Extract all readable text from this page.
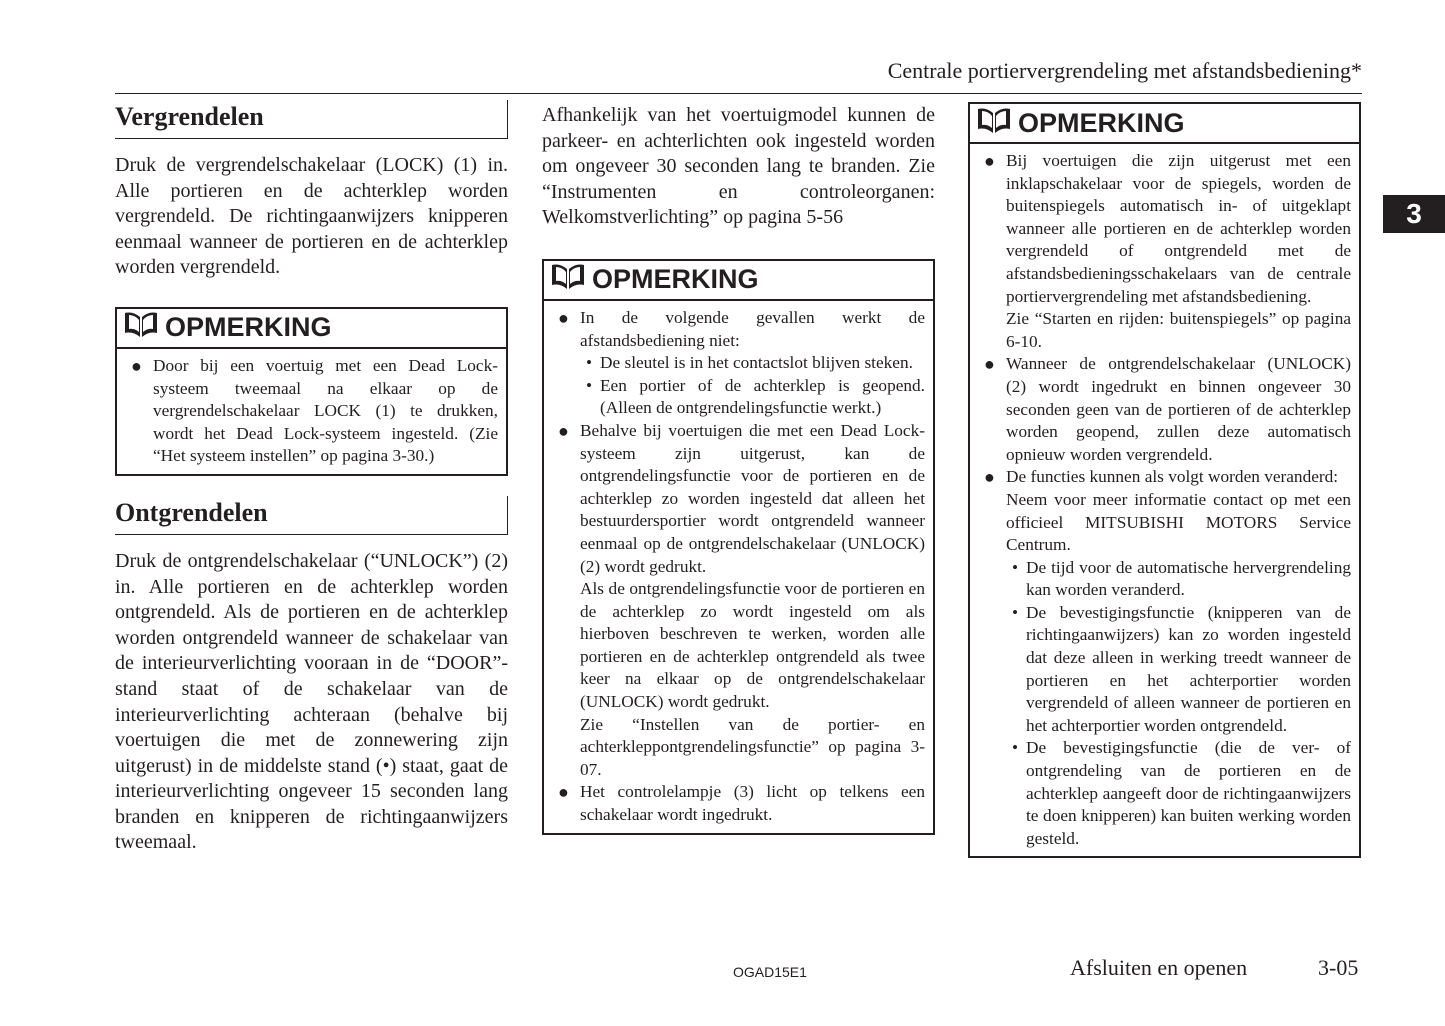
Centrale portiervergrendeling met afstandsbediening*
3
Vergrendelen

Druk de vergrendelschakelaar (LOCK) (1) in. Alle portieren en de achterklep worden vergrendeld. De richtingaanwijzers knipperen eenmaal wanneer de portieren en de achterklep worden vergrendeld.

OPMERKING
● Door bij een voertuig met een Dead Lock-systeem tweemaal na elkaar op de vergrendelschakelaar LOCK (1) te drukken, wordt het Dead Lock-systeem ingesteld. (Zie “Het systeem instellen” op pagina 3-30.)
Ontgrendelen

Druk de ontgrendelschakelaar (“UNLOCK”) (2) in. Alle portieren en de achterklep worden ontgrendeld. Als de portieren en de achterklep worden ontgrendeld wanneer de schakelaar van de interieurverlichting vooraan in de “DOOR”-stand staat of de schakelaar van de interieurverlichting achteraan (behalve bij voertuigen die met de zonnewering zijn uitgerust) in de middelste stand (•) staat, gaat de interieurverlichting ongeveer 15 seconden lang branden en knipperen de richtingaanwijzers tweemaal.

Afhankelijk van het voertuigmodel kunnen de parkeer- en achterlichten ook ingesteld worden om ongeveer 30 seconden lang te branden. Zie “Instrumenten en controleorganen: Welkomstverlichting” op pagina 5-56

OPMERKING
● In de volgende gevallen werkt de afstandsbediening niet:
• De sleutel is in het contactslot blijven steken.
• Een portier of de achterklep is geopend. (Alleen de ontgrendelingsfunctie werkt.)
● Behalve bij voertuigen die met een Dead Lock-systeem zijn uitgerust, kan de ontgrendelingsfunctie voor de portieren en de achterklep zo worden ingesteld dat alleen het bestuurdersportier wordt ontgrendeld wanneer eenmaal op de ontgrendelschakelaar (UNLOCK) (2) wordt gedrukt.
Als de ontgrendelingsfunctie voor de portieren en de achterklep zo wordt ingesteld om als hierboven beschreven te werken, worden alle portieren en de achterklep ontgrendeld als twee keer na elkaar op de ontgrendelschakelaar (UNLOCK) wordt gedrukt.
Zie “Instellen van de portier- en achterkleppontgrendelingsfunctie” op pagina 3-07.
● Het controlelampje (3) licht op telkens een schakelaar wordt ingedrukt.
OPMERKING
● Bij voertuigen die zijn uitgerust met een inklapschakelaar voor de spiegels, worden de buitenspiegels automatisch in- of uitgeklapt wanneer alle portieren en de achterklep worden vergrendeld of ontgrendeld met de afstandsbedieningsschakelaars van de centrale portiervergrendeling met afstandsbediening.
Zie “Starten en rijden: buitenspiegels” op pagina 6-10.
● Wanneer de ontgrendelschakelaar (UNLOCK) (2) wordt ingedrukt en binnen ongeveer 30 seconden geen van de portieren of de achterklep worden geopend, zullen deze automatisch opnieuw worden vergrendeld.
● De functies kunnen als volgt worden veranderd:
Neem voor meer informatie contact op met een officieel MITSUBISHI MOTORS Service Centrum.
• De tijd voor de automatische hervergrendeling kan worden veranderd.
• De bevestigingsfunctie (knipperen van de richtingaanwijzers) kan zo worden ingesteld dat deze alleen in werking treedt wanneer de portieren en het achterportier worden vergrendeld of alleen wanneer de portieren en het achterportier worden ontgrendeld.
• De bevestigingsfunctie (die de ver- of ontgrendeling van de portieren en de achterklep aangeeft door de richtingaanwijzers te doen knipperen) kan buiten werking worden gesteld.
OGAD15E1	Afsluiten en openen	3-05
